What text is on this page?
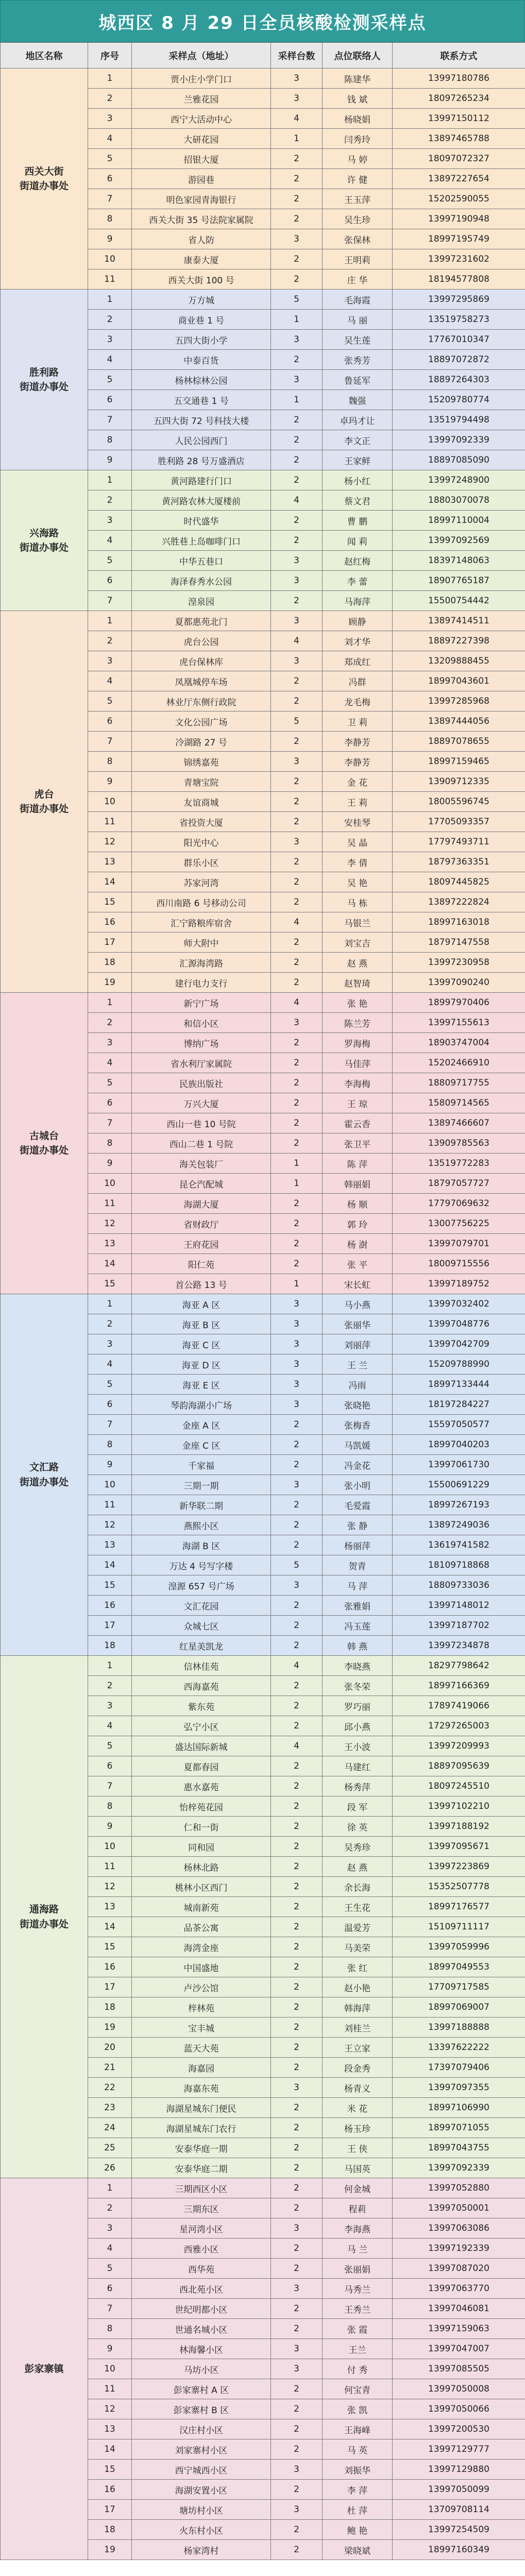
城西区 8 月 29 日全员核酸检测采样点
地区名称	序号	采样点（地址）	采样台数	点位联络人	联系方式
西关大街
街道办事处	1	贾小庄小学门口	3	陈建华	13997180786
	2	兰雅花园	3	钱 斌	18097265234
	3	西宁大活动中心	4	杨晓娟	13997150112
	4	大研花园	1	闫秀玲	13897465788
	5	招银大厦	2	马 婷	18097072327
	6	游园巷	2	许 健	13897227654
	7	明色家园青海银行	2	王玉萍	15202590055
	8	西关大街 35 号法院家属院	2	吴生珍	13997190948
	9	省人防	3	张保林	18997195749
	10	康泰大厦	2	王明莉	13997231602
	11	西关大街 100 号	2	庄 华	18194577808
胜利路
街道办事处	1	万方城	5	毛海霞	13997295869
	2	商业巷 1 号	1	马 丽	13519758273
	3	五四大街小学	3	吴生莲	17767010347
	4	中泰百货	2	张秀芳	18897072872
	5	杨林棕林公园	3	鲁延军	18897264303
	6	五交通巷 1 号	1	魏强	15209780774
	7	五四大街 72 号科技大楼	2	卓玛才让	13519794498
	8	人民公园西门	2	李文正	13997092339
	9	胜利路 28 号万盛酒店	2	王家鲜	18897085090
兴海路
街道办事处	1	黄河路建行门口	2	杨小红	13997248900
	2	黄河路农林大厦楼前	4	蔡文君	18803070078
	3	时代盛华	2	曹 鹏	18997110004
	4	兴胜巷上岛咖啡门口	2	闻 莉	13997092569
	5	中华五巷口	3	赵红梅	18397148063
	6	海泽春秀水公园	3	李 蕾	18907765187
	7	湟泉园	2	马海萍	15500754442
虎台
街道办事处	1	夏都惠苑北门	3	顾静	13897414511
	2	虎台公园	4	刘才华	18897227398
	3	虎台保林库	3	郑成红	13209888455
	4	凤凰城停车场	2	冯群	18997043601
	5	林业厅东侧行政院	2	龙毛梅	13997285968
	6	文化公园广场	5	卫 莉	13897444056
	7	冷湖路 27 号	2	李静芳	18897078655
	8	锦绣嘉苑	3	李静芳	18997159465
	9	青塘宝院	2	金 花	13909712335
	10	友谊商城	2	王 莉	18005596745
	11	省投资大厦	2	安桂琴	17705093357
	12	阳光中心	3	吴 晶	17797493711
	13	群乐小区	2	李 倩	18797363351
	14	苏家河湾	2	吴 艳	18097445825
	15	西川南路 6 号移动公司	2	马 栋	13897222824
	16	汇宁路粮库宿舍	4	马银兰	18997163018
	17	师大附中	2	刘宝吉	18797147558
	18	汇源海湾路	2	赵 燕	13997230958
	19	建行电力支行	2	赵智琦	13997090240
古城台
街道办事处	1	新宁广场	4	张 艳	18997970406
	2	和信小区	3	陈兰芳	13997155613
	3	博纳广场	2	罗海梅	18903747004
	4	省水利厅家属院	2	马佳萍	15202466910
	5	民族出版社	2	李海梅	18809717755
	6	万兴大厦	2	王 琼	15809714565
	7	西山一巷 10 号院	2	霍云香	13897466607
	8	西山二巷 1 号院	2	张卫平	13909785563
	9	海关包装厂	1	陈 萍	13519772283
	10	昆仑汽配城	1	韩丽娟	18797057727
	11	海湖大厦	2	杨 顺	17797069632
	12	省财政厅	2	郭 玲	13007756225
	13	王府花园	2	杨 澍	13997079701
	14	阳仁苑	2	张 平	18009715556
	15	首公路 13 号	1	宋长虹	13997189752
文汇路
街道办事处	1	海亚 A 区	3	马小燕	13997032402
	2	海亚 B 区	3	张丽华	13997048776
	3	海亚 C 区	3	刘丽萍	13997042709
	4	海亚 D 区	3	王 兰	15209788990
	5	海亚 E 区	3	冯雨	18997133444
	6	琴韵海湖小广场	3	张晓艳	18197284227
	7	金座 A 区	2	张梅香	15597050577
	8	金座 C 区	2	马凯媛	18997040203
	9	千家福	2	冯金花	13997061730
	10	三期一期	3	张小明	15500691229
	11	新华联二期	2	毛爱霞	18997267193
	12	燕熙小区	2	张 静	13897249036
	13	海湖 B 区	2	杨丽萍	13619741582
	14	万达 4 号写字楼	5	贺青	18109718868
	15	湟源 657 号广场	3	马 萍	18809733036
	16	文汇花园	2	张雅娟	13997148012
	17	众城七区	2	冯玉莲	13997187702
	18	红星美凯龙	2	韩 燕	13997234878
通海路
街道办事处	1	信林佳苑	4	李晓燕	18297798642
	2	西海嘉苑	2	张冬荣	18997166369
	3	紫东苑	2	罗巧丽	17897419066
	4	弘宁小区	2	邱小燕	17297265003
	5	盛达国际新城	4	王小波	13997209993
	6	夏都春园	2	马建红	18897095639
	7	惠水嘉苑	2	杨秀萍	18097245510
	8	怡梓苑花园	2	段 军	13997102210
	9	仁和一街	2	徐 英	13997188192
	10	同和园	2	吴秀珍	13997095671
	11	杨林北路	2	赵 燕	13997223869
	12	桃林小区西门	2	余长海	15352507778
	13	城南新苑	2	王生花	18997176577
	14	品茶公寓	2	温爱芳	15109711117
	15	海湾金座	2	马美荣	13997059996
	16	中国盛地	2	张 红	18997049553
	17	卢沙公馆	2	赵小艳	17709717585
	18	梓林苑	2	韩海萍	18997069007
	19	宝丰城	2	刘桂兰	13997188888
	20	蓝天大苑	2	王立家	13397622222
	21	海嘉园	2	段金秀	17397079406
	22	海嘉东苑	3	杨青义	13997097355
	23	海湖星城东门便民	2	米 花	18997106990
	24	海湖星城东门农行	2	杨玉珍	18997071055
	25	安泰华庭一期	2	王 侠	18997043755
	26	安泰华庭二期	2	马国英	13997092339
彭家寨镇	1	三期西区小区	2	何金城	13997052880
	2	三期东区	2	程莉	13997050001
	3	星河湾小区	3	李海燕	13997063086
	4	西雅小区	2	马 兰	13997192339
	5	西华苑	2	张丽娟	13997087020
	6	西北苑小区	3	马秀兰	13997063770
	7	世纪明都小区	2	王秀兰	13997046081
	8	世通名城小区	2	张 霞	13997159063
	9	林海馨小区	3	王兰	13997047007
	10	马坊小区	3	付 秀	13997085505
	11	彭家寨村 A 区	2	何宝青	13997050008
	12	彭家寨村 B 区	2	张 凯	13997050066
	13	汉庄村小区	2	王海峰	13997200530
	14	刘家寨村小区	2	马 英	13997129777
	15	西宁城西小区	3	刘振华	13997129880
	16	海湖安置小区	2	李 萍	13997050099
	17	塘坊村小区	3	杜 萍	13709708114
	18	火东村小区	2	鲍 艳	13997254509
	19	杨家湾村	2	梁晓斌	18997160349
